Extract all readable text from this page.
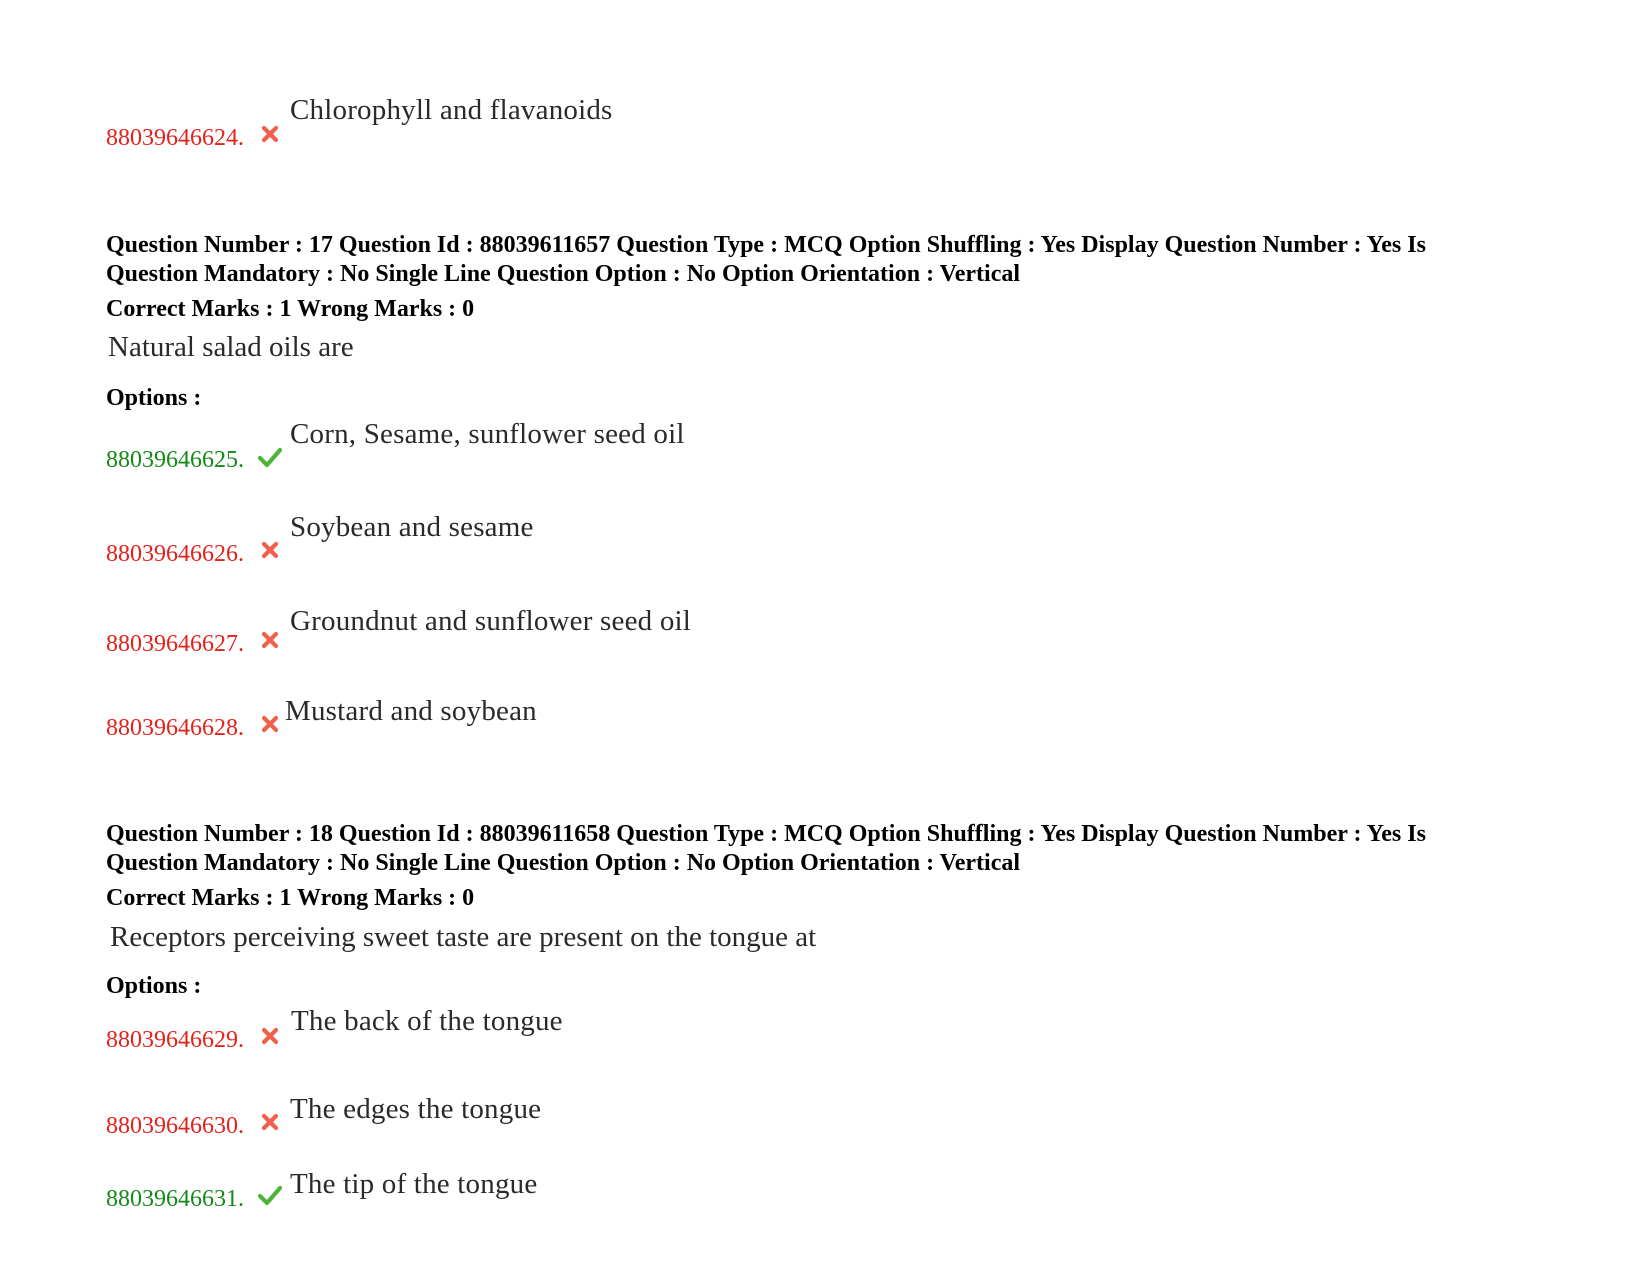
88039646624.
Chlorophyll and flavanoids
Question Number : 17 Question Id : 88039611657 Question Type : MCQ Option Shuffling : Yes Display Question Number : Yes Is
Question Mandatory : No Single Line Question Option : No Option Orientation : Vertical
Correct Marks : 1 Wrong Marks : 0
Natural salad oils are
Options :
88039646625.
Corn, Sesame, sunflower seed oil
88039646626.
Soybean and sesame
88039646627.
Groundnut and sunflower seed oil
88039646628.
Mustard and soybean
Question Number : 18 Question Id : 88039611658 Question Type : MCQ Option Shuffling : Yes Display Question Number : Yes Is
Question Mandatory : No Single Line Question Option : No Option Orientation : Vertical
Correct Marks : 1 Wrong Marks : 0
Receptors perceiving sweet taste are present on the tongue at
Options :
88039646629.
The back of the tongue
88039646630.
The edges the tongue
88039646631. The tip of the tongue
